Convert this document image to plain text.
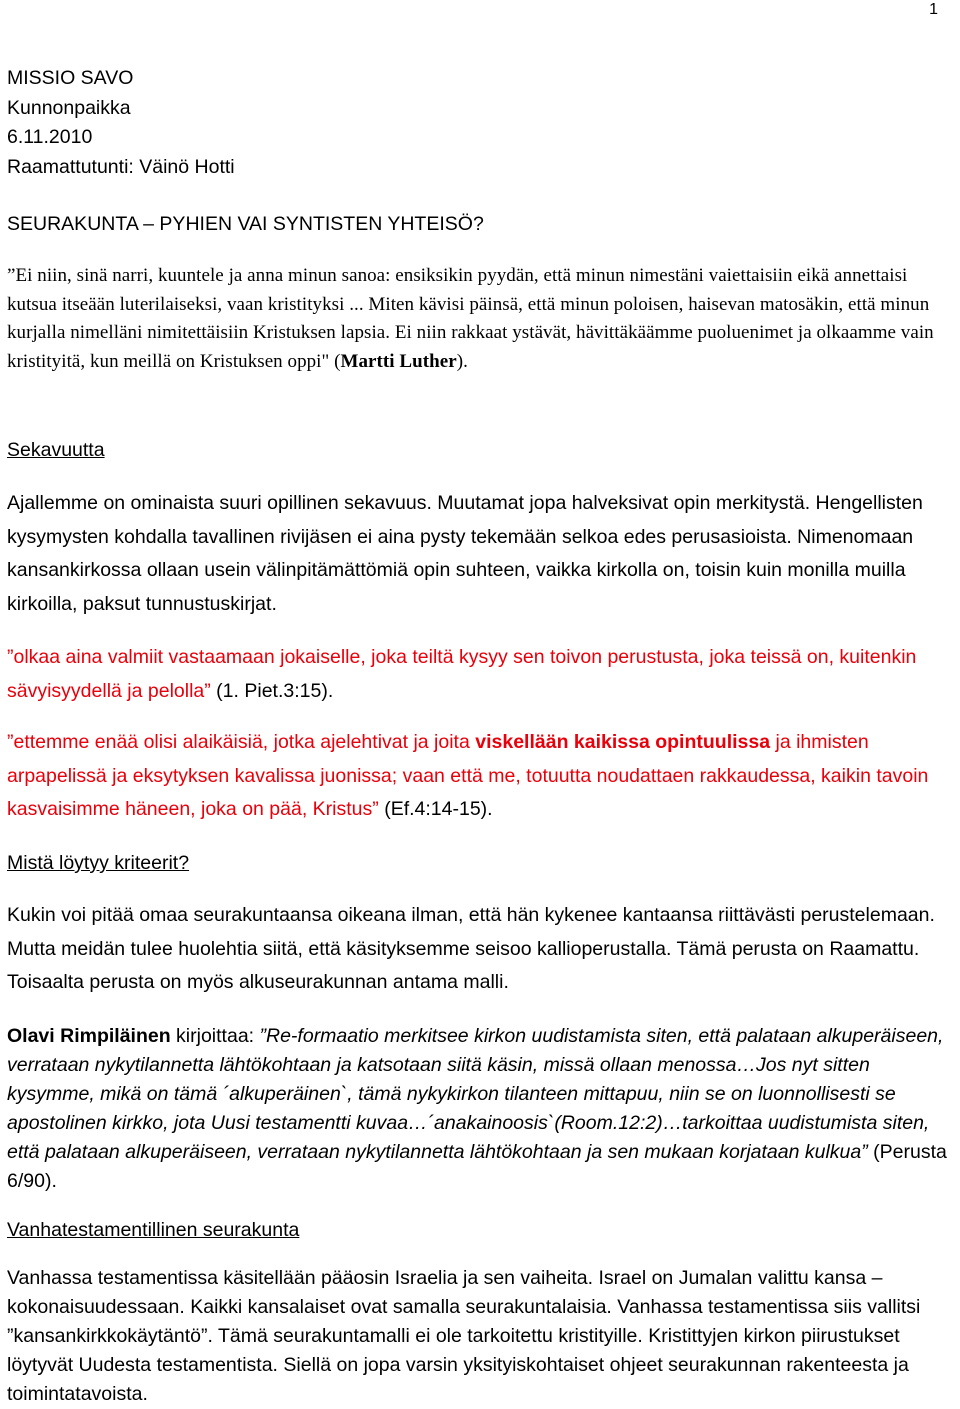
1
MISSIO SAVO
Kunnonpaikka
6.11.2010
Raamattutunti: Väinö Hotti
SEURAKUNTA – PYHIEN VAI SYNTISTEN YHTEISÖ?
”Ei niin, sinä narri, kuuntele ja anna minun sanoa: ensiksikin pyydän, että minun nimestäni vaiettaisiin eikä annettaisi kutsua itseään luterilaiseksi, vaan kristityksi ... Miten kävisi päinsä, että minun poloisen, haisevan matosäkin, että minun kurjalla nimelläni nimitettäisiin Kristuksen lapsia. Ei niin rakkaat ystävät, hävittäkäämme puoluenimet ja olkaamme vain kristityitä, kun meillä on Kristuksen oppi" (Martti Luther).
Sekavuutta
Ajallemme on ominaista suuri opillinen sekavuus. Muutamat jopa halveksivat opin merkitystä. Hengellisten kysymysten kohdalla tavallinen rivijäsen ei aina pysty tekemään selkoa edes perusasioista. Nimenomaan kansankirkossa ollaan usein välinpitämättömiä opin suhteen, vaikka kirkolla on, toisin kuin monilla muilla kirkoilla, paksut tunnustuskirjat.
”olkaa aina valmiit vastaamaan jokaiselle, joka teiltä kysyy sen toivon perustusta, joka teissä on, kuitenkin sävyisyydellä ja pelolla” (1. Piet.3:15).
”ettemme enää olisi alaikäisiä, jotka ajelehtivat ja joita viskellään kaikissa opintuulissa ja ihmisten arpapelissä ja eksytyksen kavalissa juonissa; vaan että me, totuutta noudattaen rakkaudessa, kaikin tavoin kasvaisimme häneen, joka on pää, Kristus” (Ef.4:14-15).
Mistä löytyy kriteerit?
Kukin voi pitää omaa seurakuntaansa oikeana ilman, että hän kykenee kantaansa riittävästi perustelemaan. Mutta meidän tulee huolehtia siitä, että käsityksemme seisoo kallioperustalla. Tämä perusta on Raamattu. Toisaalta perusta on myös alkuseurakunnan antama malli.
Olavi Rimpiläinen kirjoittaa: ”Re-formaatio merkitsee kirkon uudistamista siten, että palataan alkuperäiseen, verrataan nykytilannetta lähtökohtaan ja katsotaan siitä käsin, missä ollaan menossa…Jos nyt sitten kysymme, mikä on tämä ´alkuperäinen`, tämä nykykirkon tilanteen mittapuu, niin se on luonnollisesti se apostolinen kirkko, jota Uusi testamentti kuvaa…´anakainoosis`(Room.12:2)…tarkoittaa uudistumista siten, että palataan alkuperäiseen, verrataan nykytilannetta lähtökohtaan ja sen mukaan korjataan kulkua” (Perusta 6/90).
Vanhatestamentillinen seurakunta
Vanhassa testamentissa käsitellään pääosin Israelia ja sen vaiheita. Israel on Jumalan valittu kansa – kokonaisuudessaan. Kaikki kansalaiset ovat samalla seurakuntalaisia. Vanhassa testamentissa siis vallitsi ”kansankirkkokäytäntö”. Tämä seurakuntamalli ei ole tarkoitettu kristityille. Kristittyjen kirkon piirustukset löytyvät Uudesta testamentista. Siellä on jopa varsin yksityiskohtaiset ohjeet seurakunnan rakenteesta ja toimintatavoista.
